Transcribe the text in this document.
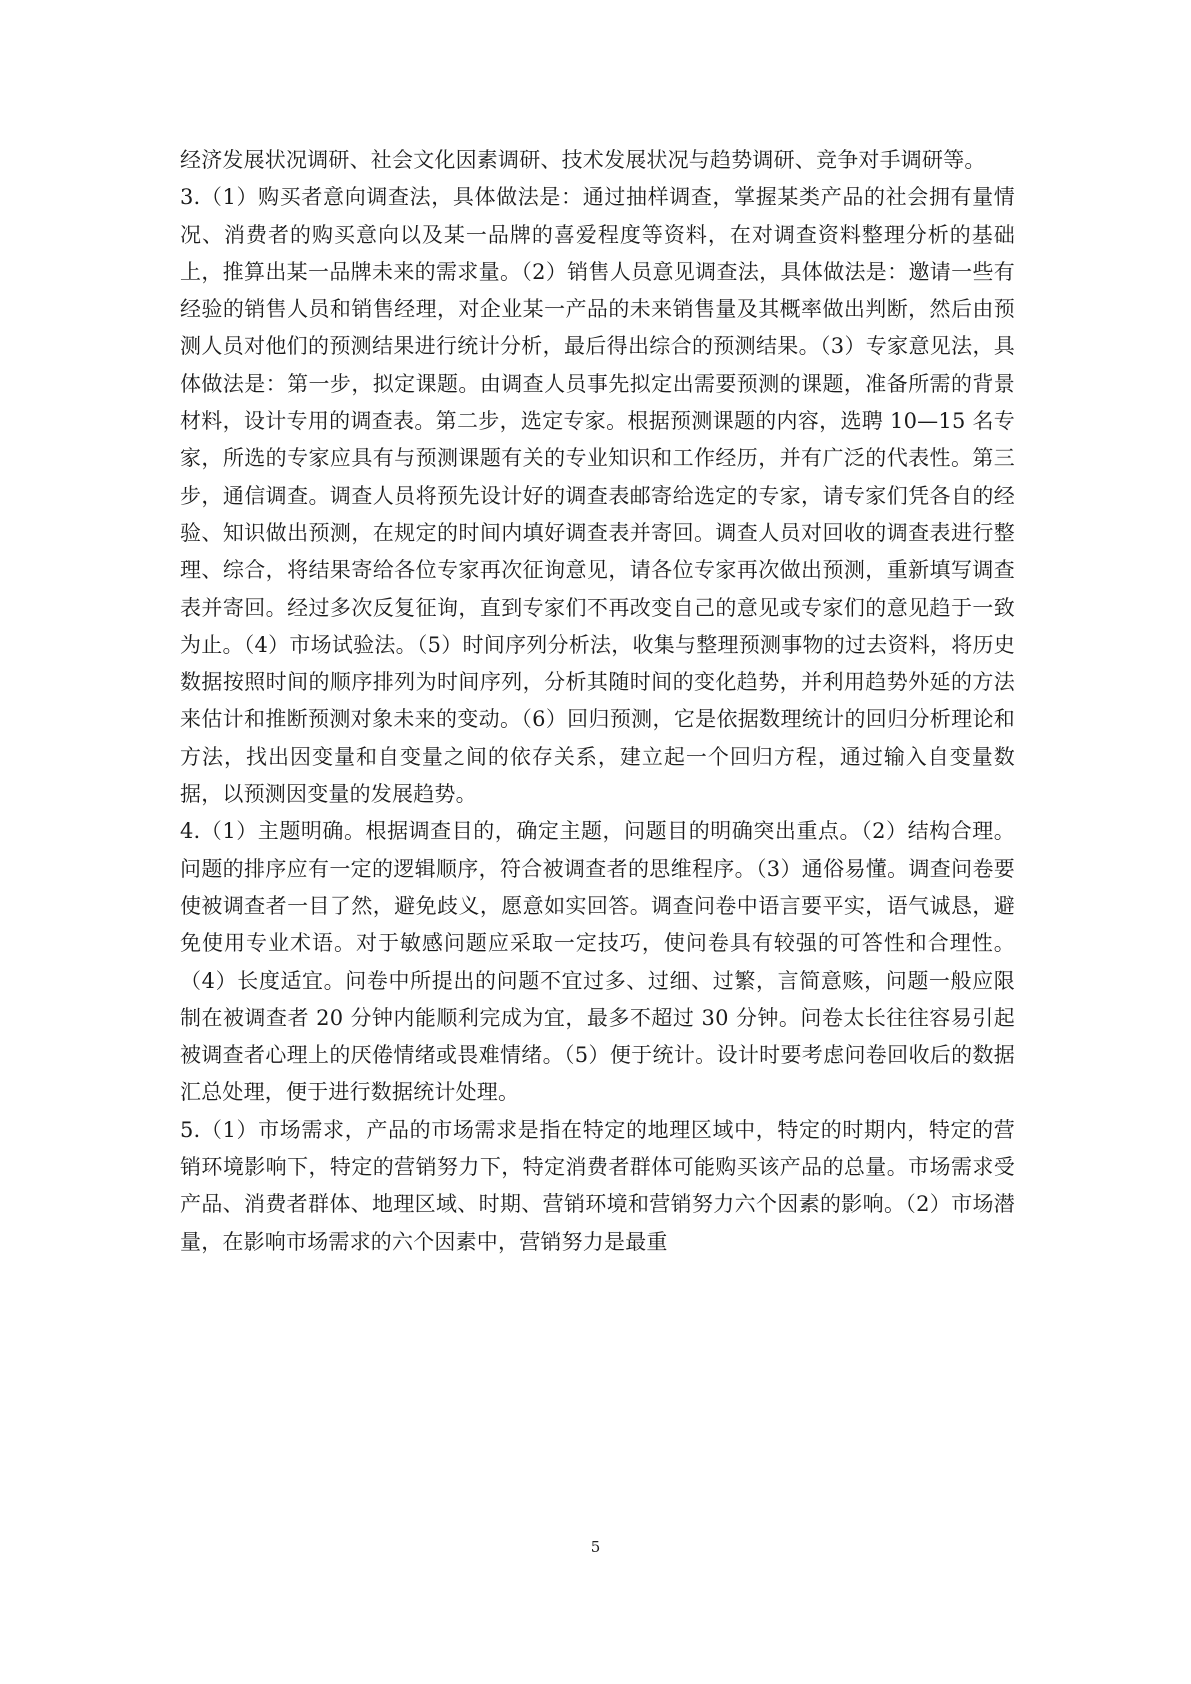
经济发展状况调研、社会文化因素调研、技术发展状况与趋势调研、竞争对手调研等。

3.（1）购买者意向调查法，具体做法是：通过抽样调查，掌握某类产品的社会拥有量情况、消费者的购买意向以及某一品牌的喜爱程度等资料，在对调查资料整理分析的基础上，推算出某一品牌未来的需求量。（2）销售人员意见调查法，具体做法是：邀请一些有经验的销售人员和销售经理，对企业某一产品的未来销售量及其概率做出判断，然后由预测人员对他们的预测结果进行统计分析，最后得出综合的预测结果。（3）专家意见法，具体做法是：第一步，拟定课题。由调查人员事先拟定出需要预测的课题，准备所需的背景材料，设计专用的调查表。第二步，选定专家。根据预测课题的内容，选聘 10—15 名专家，所选的专家应具有与预测课题有关的专业知识和工作经历，并有广泛的代表性。第三步，通信调查。调查人员将预先设计好的调查表邮寄给选定的专家，请专家们凭各自的经验、知识做出预测，在规定的时间内填好调查表并寄回。调查人员对回收的调查表进行整理、综合，将结果寄给各位专家再次征询意见，请各位专家再次做出预测，重新填写调查表并寄回。经过多次反复征询，直到专家们不再改变自己的意见或专家们的意见趋于一致为止。（4）市场试验法。（5）时间序列分析法，收集与整理预测事物的过去资料，将历史数据按照时间的顺序排列为时间序列，分析其随时间的变化趋势，并利用趋势外延的方法来估计和推断预测对象未来的变动。（6）回归预测，它是依据数理统计的回归分析理论和方法，找出因变量和自变量之间的依存关系，建立起一个回归方程，通过输入自变量数据，以预测因变量的发展趋势。

4.（1）主题明确。根据调查目的，确定主题，问题目的明确突出重点。（2）结构合理。问题的排序应有一定的逻辑顺序，符合被调查者的思维程序。（3）通俗易懂。调查问卷要使被调查者一目了然，避免歧义，愿意如实回答。调查问卷中语言要平实，语气诚恳，避免使用专业术语。对于敏感问题应采取一定技巧，使问卷具有较强的可答性和合理性。（4）长度适宜。问卷中所提出的问题不宜过多、过细、过繁，言简意赅，问题一般应限制在被调查者 20 分钟内能顺利完成为宜，最多不超过 30 分钟。问卷太长往往容易引起被调查者心理上的厌倦情绪或畏难情绪。（5）便于统计。设计时要考虑问卷回收后的数据汇总处理，便于进行数据统计处理。

5.（1）市场需求，产品的市场需求是指在特定的地理区域中，特定的时期内，特定的营销环境影响下，特定的营销努力下，特定消费者群体可能购买该产品的总量。市场需求受产品、消费者群体、地理区域、时期、营销环境和营销努力六个因素的影响。（2）市场潜量，在影响市场需求的六个因素中，营销努力是最重

5
